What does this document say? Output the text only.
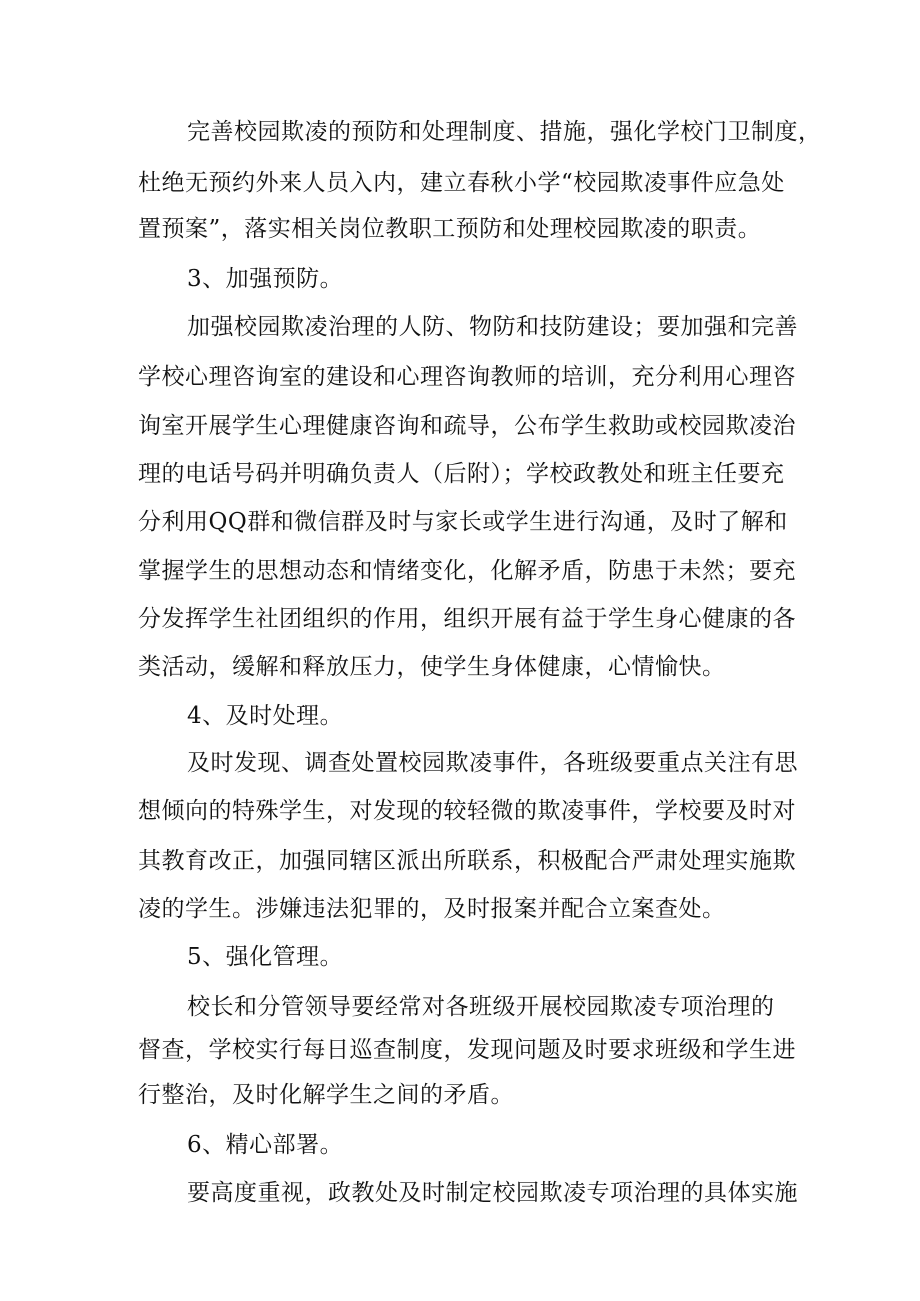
完善校园欺凌的预防和处理制度、措施，强化学校门卫制度，
杜绝无预约外来人员入内，建立春秋小学“校园欺凌事件应急处
置预案”，落实相关岗位教职工预防和处理校园欺凌的职责。
3、加强预防。
加强校园欺凌治理的人防、物防和技防建设；要加强和完善
学校心理咨询室的建设和心理咨询教师的培训，充分利用心理咨
询室开展学生心理健康咨询和疏导，公布学生救助或校园欺凌治
理的电话号码并明确负责人（后附）；学校政教处和班主任要充
分利用QQ群和微信群及时与家长或学生进行沟通，及时了解和
掌握学生的思想动态和情绪变化，化解矛盾，防患于未然；要充
分发挥学生社团组织的作用，组织开展有益于学生身心健康的各
类活动，缓解和释放压力，使学生身体健康，心情愉快。
4、及时处理。
及时发现、调查处置校园欺凌事件，各班级要重点关注有思
想倾向的特殊学生，对发现的较轻微的欺凌事件，学校要及时对
其教育改正，加强同辖区派出所联系，积极配合严肃处理实施欺
凌的学生。涉嫌违法犯罪的，及时报案并配合立案查处。
5、强化管理。
校长和分管领导要经常对各班级开展校园欺凌专项治理的
督查，学校实行每日巡查制度，发现问题及时要求班级和学生进
行整治，及时化解学生之间的矛盾。
6、精心部署。
要高度重视，政教处及时制定校园欺凌专项治理的具体实施
